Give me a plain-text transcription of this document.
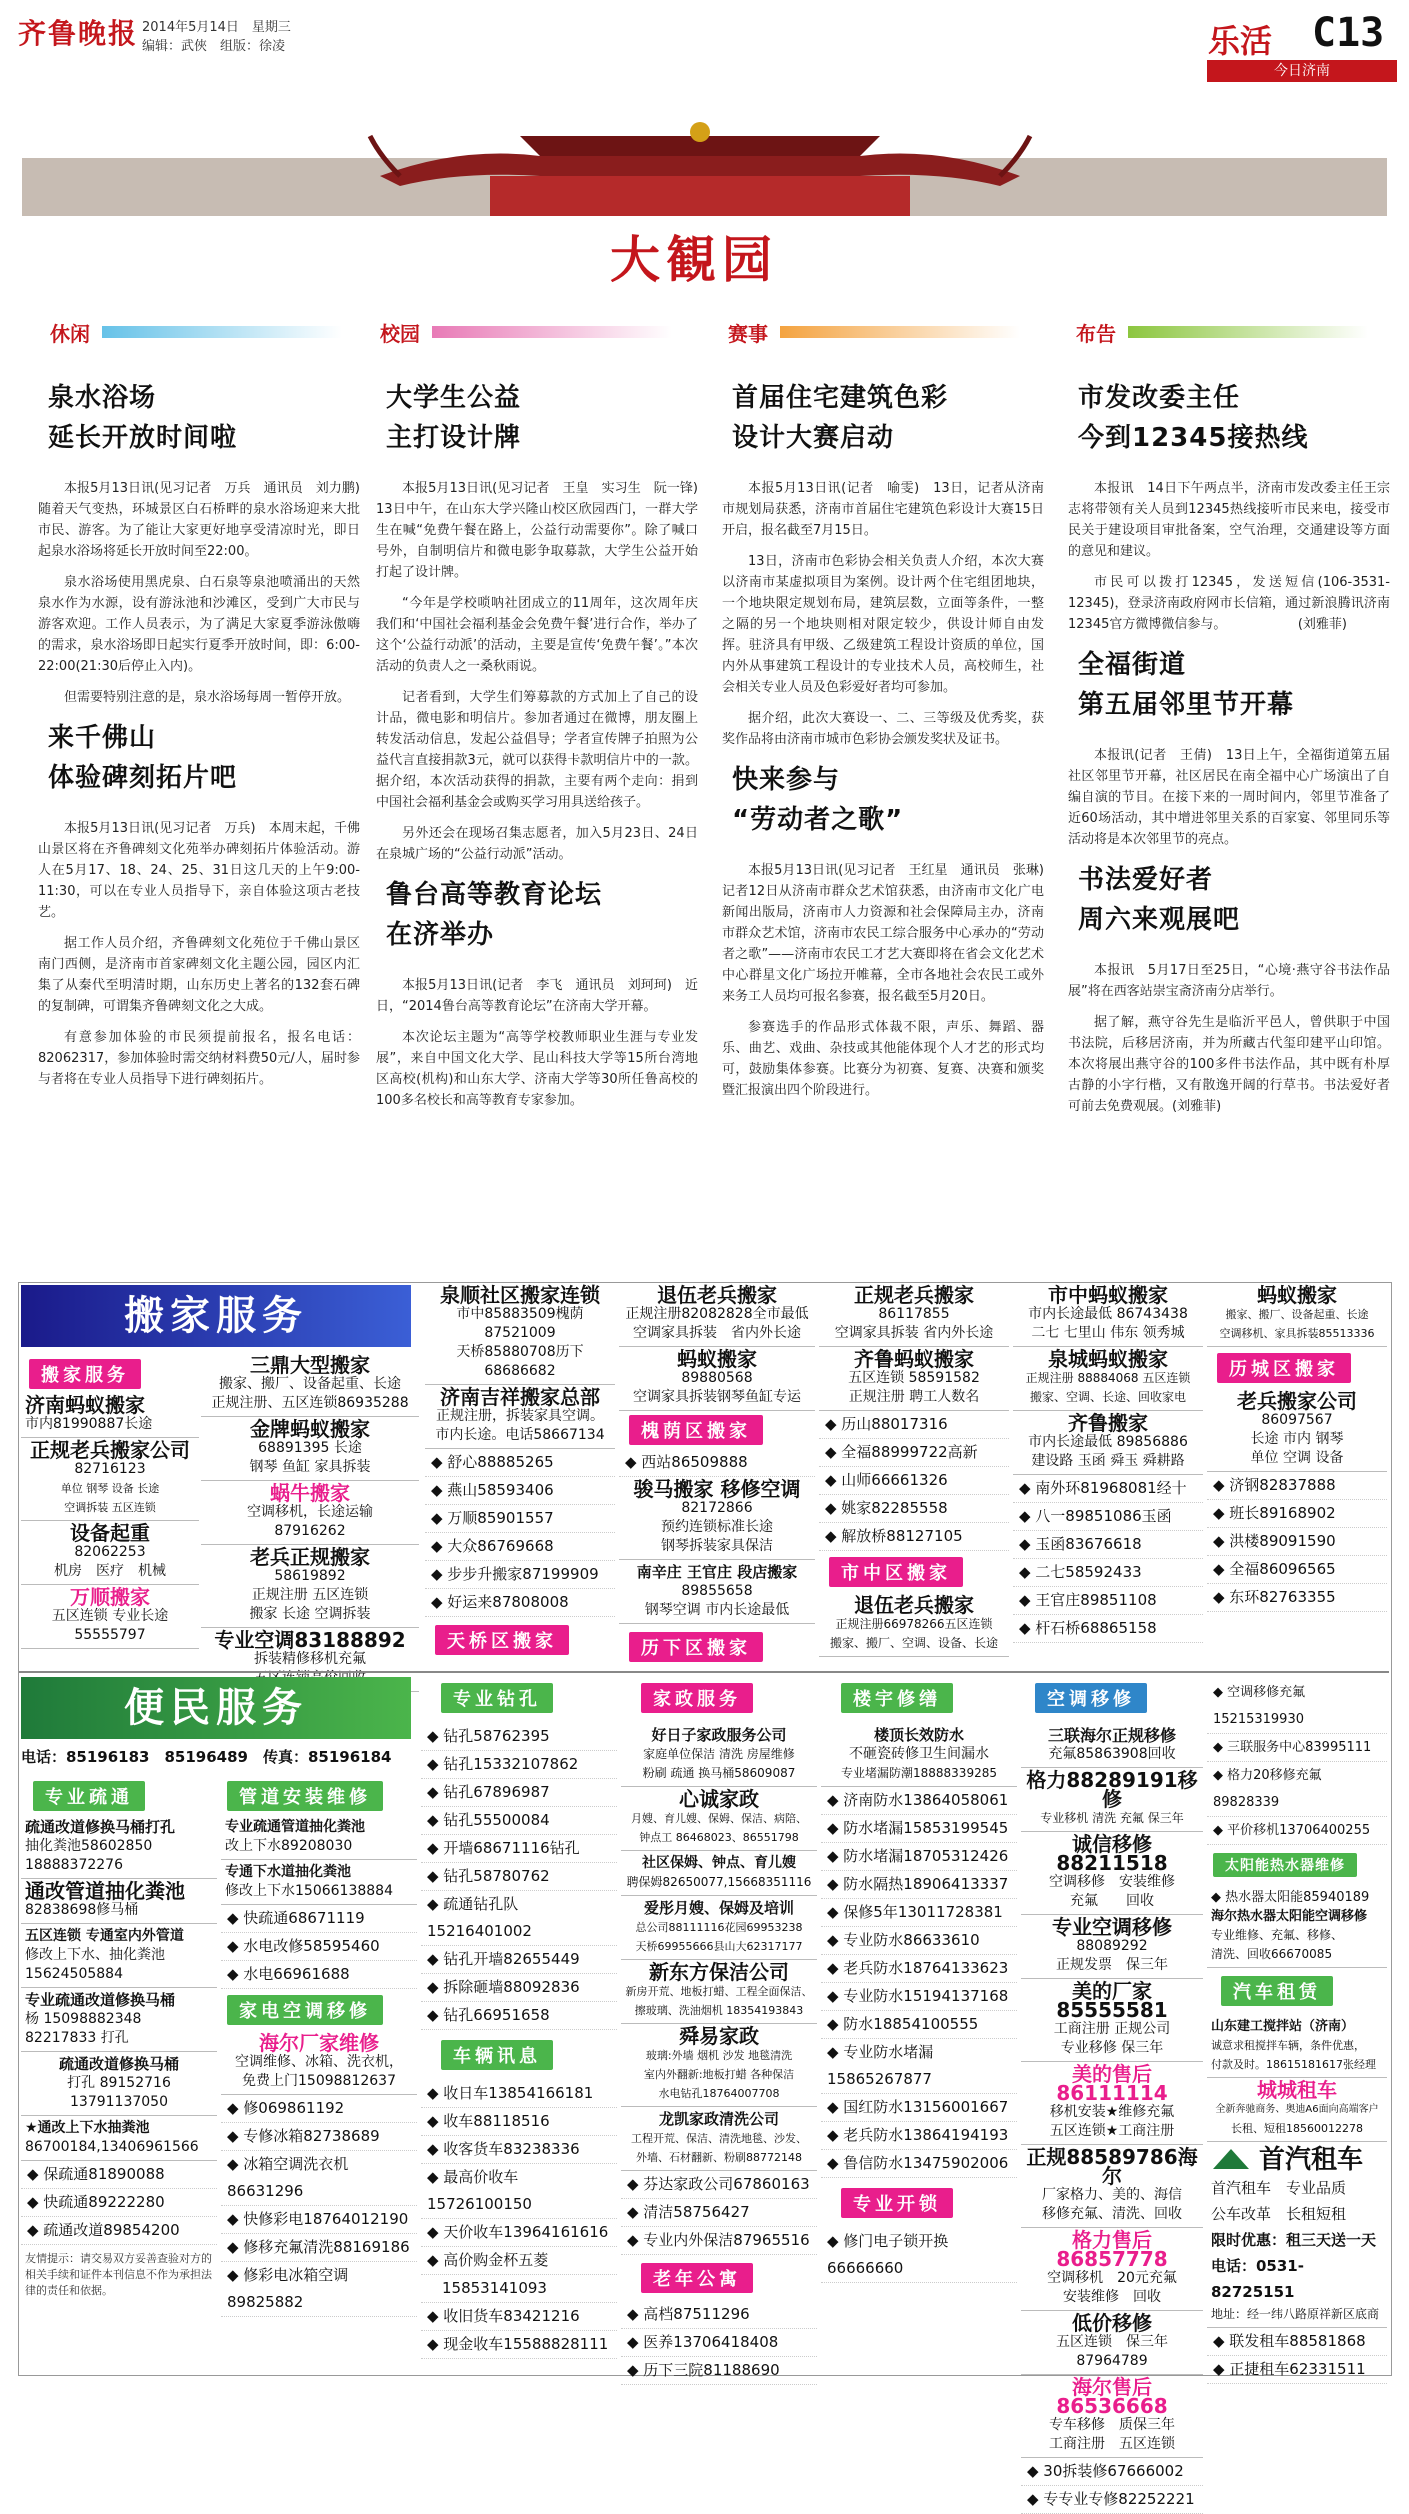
齐鲁晚报 2014年5月14日　星期三
编辑：武俠　组版：徐凌	乐活 C13
今日济南
大観园
休闲	校园	赛事	布告
泉水浴场
延长开放时间啦

本报5月13日讯(见习记者　万兵　通讯员　刘力鹏)　随着天气变热，环城景区白石桥畔的泉水浴场迎来大批市民、游客。为了能让大家更好地享受清凉时光，即日起泉水浴场将延长开放时间至22:00。

泉水浴场使用黑虎泉、白石泉等泉池喷涌出的天然泉水作为水源，设有游泳池和沙滩区，受到广大市民与游客欢迎。工作人员表示，为了满足大家夏季游泳傲嗨的需求，泉水浴场即日起实行夏季开放时间，即：6:00-22:00(21:30后停止入内)。

但需要特别注意的是，泉水浴场每周一暂停开放。

来千佛山
体验碑刻拓片吧

本报5月13日讯(见习记者　万兵)　本周末起，千佛山景区将在齐鲁碑刻文化苑举办碑刻拓片体验活动。游人在5月17、18、24、25、31日这几天的上午9:00-11:30，可以在专业人员指导下，亲自体验这项古老技艺。

据工作人员介绍，齐鲁碑刻文化苑位于千佛山景区南门西侧，是济南市首家碑刻文化主题公园，园区内汇集了从秦代至明清时期，山东历史上著名的132套石碑的复制碑，可谓集齐鲁碑刻文化之大成。

有意参加体验的市民须提前报名，报名电话：82062317，参加体验时需交纳材料费50元/人，届时参与者将在专业人员指导下进行碑刻拓片。

大学生公益
主打设计牌

本报5月13日讯(见习记者　王皇　实习生　阮一锋)　13日中午，在山东大学兴隆山校区欣园西门，一群大学生在喊“免费午餐在路上，公益行动需要你”。除了喊口号外，自制明信片和微电影争取募款，大学生公益开始打起了设计牌。

“今年是学校唢呐社团成立的11周年，这次周年庆我们和‘中国社会福利基金会免费午餐’进行合作，举办了这个‘公益行动派’的活动，主要是宣传‘免费午餐’。”本次活动的负责人之一桑秋雨说。

记者看到，大学生们筹募款的方式加上了自己的设计品，微电影和明信片。参加者通过在微博，朋友圈上转发活动信息，发起公益倡导；学者宣传牌子拍照为公益代言直接捐款3元，就可以获得卡款明信片中的一款。据介绍，本次活动获得的捐款，主要有两个走向：捐到中国社会福利基金会或购买学习用具送给孩子。

另外还会在现场召集志愿者，加入5月23日、24日在泉城广场的“公益行动派”活动。

鲁台高等教育论坛
在济举办

本报5月13日讯(记者　李飞　通讯员　刘珂珂)　近日，“2014鲁台高等教育论坛”在济南大学开幕。

本次论坛主题为“高等学校教师职业生涯与专业发展”，来自中国文化大学、昆山科技大学等15所台湾地区高校(机构)和山东大学、济南大学等30所任鲁高校的100多名校长和高等教育专家参加。

首届住宅建筑色彩
设计大赛启动

本报5月13日讯(记者　喻雯)　13日，记者从济南市规划局获悉，济南市首届住宅建筑色彩设计大赛15日开启，报名截至7月15日。

13日，济南市色彩协会相关负责人介绍，本次大赛以济南市某虚拟项目为案例。设计两个住宅组团地块，一个地块限定规划布局，建筑层数，立面等条件，一整之隔的另一个地块则相对限定较少，供设计师自由发挥。驻济具有甲级、乙级建筑工程设计资质的单位，国内外从事建筑工程设计的专业技术人员，高校师生，社会相关专业人员及色彩爱好者均可参加。

据介绍，此次大赛设一、二、三等级及优秀奖，获奖作品将由济南市城市色彩协会颁发奖状及证书。

快来参与
“劳动者之歌”

本报5月13日讯(见习记者　王红星　通讯员　张琳)　记者12日从济南市群众艺术馆获悉，由济南市文化广电新闻出版局，济南市人力资源和社会保障局主办，济南市群众艺术馆，济南市农民工综合服务中心承办的“劳动者之歌”——济南市农民工才艺大赛即将在省会文化艺术中心群星文化广场拉开帷幕，全市各地社会农民工或外来务工人员均可报名参赛，报名截至5月20日。

参赛选手的作品形式体裁不限，声乐、舞蹈、器乐、曲艺、戏曲、杂技或其他能体现个人才艺的形式均可，鼓励集体参赛。比赛分为初赛、复赛、决赛和颁奖暨汇报演出四个阶段进行。

市发改委主任
今到12345接热线

本报讯　14日下午两点半，济南市发改委主任王宗志将带领有关人员到12345热线接听市民来电，接受市民关于建设项目审批备案，空气治理，交通建设等方面的意见和建议。

市民可以拨打12345，发送短信(106-3531-12345)，登录济南政府网市长信箱，通过新浪腾讯济南12345官方微博微信参与。　　　　　　(刘雅菲)

全福街道
第五届邻里节开幕

本报讯(记者　王倩)　13日上午，全福街道第五届社区邻里节开幕，社区居民在南全福中心广场演出了自编自演的节目。在接下来的一周时间内，邻里节准备了近60场活动，其中增进邻里关系的百家宴、邻里同乐等活动将是本次邻里节的亮点。

书法爱好者
周六来观展吧

本报讯　5月17日至25日，“心境·燕守谷书法作品展”将在西客站崇宝斋济南分店举行。

据了解，燕守谷先生是临沂平邑人，曾供职于中国书法院，后移居济南，并为所藏古代玺印建平山印馆。本次将展出燕守谷的100多件书法作品，其中既有朴厚古静的小字行楷，又有散逸开阔的行草书。书法爱好者可前去免费观展。(刘雅菲)

搬家服务
搬家服务	三鼎大型搬家
搬家、搬厂、设备起重、长途
正规注册、五区连锁86935288
金牌蚂蚁搬家
68891395 长途
钢琴 鱼缸 家具拆装
蜗牛搬家
空调移机，长途运输
87916262
老兵正规搬家
58619892
正规注册 五区连锁
搬家 长途 空调拆装
专业空调83188892
拆装精修移机充氟
济南蚂蚁搬家
市内81990887长途
正规老兵搬家公司
82716123
单位 钢琴 设备 长途
空调拆装 五区连锁
设备起重
82062253
机房　医疗　机械
万顺搬家
五区连锁 专业长途
55555797
泉顺社区搬家连锁
市中85883509槐荫87521009
天桥85880708历下68686682
济南吉祥搬家总部
正规注册，拆装家具空调。
市内长途。电话58667134
◆ 舒心88885265
◆ 燕山58593406
◆ 万顺85901557
◆ 大众86769668
◆ 步步升搬家87199909
◆ 好运来87808008
天桥区搬家
退伍老兵搬家
正规注册82082828全市最低
空调家具拆装　省内外长途
蚂蚁搬家
89880568
空调家具拆装钢琴鱼缸专运
槐荫区搬家
◆ 西站86509888
骏马搬家 移修空调
82172866
预约连锁标准长途
钢琴拆装家具保洁
南辛庄 王官庄 段店搬家
89855658
钢琴空调 市内长途最低
历下区搬家
正规老兵搬家
86117855
空调家具拆装 省内外长途
齐鲁蚂蚁搬家
五区连锁 58591582
正规注册 聘工人数名
◆ 历山88017316
◆ 全福88999722高新
◆ 山师66661326
◆ 姚家82285558
◆ 解放桥88127105
市中区搬家
退伍老兵搬家
正规注册66978266五区连锁
搬家、搬厂、空调、设备、长途
市中蚂蚁搬家
市内长途最低 86743438
二七 七里山 伟东 领秀城
泉城蚂蚁搬家
正规注册 88884068 五区连锁
搬家、空调、长途、回收家电
齐鲁搬家
市内长途最低 89856886
建设路 玉函 舜玉 舜耕路
◆ 南外环81968081经十
◆ 八一89851086玉函
◆ 玉函83676618
◆ 二七58592433
◆ 王官庄89851108
◆ 杆石桥68865158
蚂蚁搬家
搬家、搬厂、设备起重、长途
空调移机、家具拆装85513336
历城区搬家
老兵搬家公司
86097567
长途 市内 钢琴
单位 空调 设备
◆ 济钢82837888
◆ 班长89168902
◆ 洪楼89091590
◆ 全福86096565
◆ 东环82763355
便民服务
电话：85196183　85196489　传真：85196184
专业疏通
疏通改道修换马桶打孔
抽化粪池58602850
18888372276
通改管道抽化粪池
82838698修马桶
五区连锁 专通室内外管道
修改上下水、抽化粪池
15624505884
专业疏通改道修换马桶
杨 15098882348
82217833 打孔
疏通改道修换马桶
打孔 89152716
13791137050
★通改上下水抽粪池
86700184,13406961566
◆ 保疏通81890088
◆ 快疏通89222280
◆ 疏通改道89854200
友情提示：请交易双方妥善查验对方的相关手续和证件本刊信息不作为承担法律的责任和依据。
管道安装维修
专业疏通管道抽化粪池
改上下水89208030
专通下水道抽化粪池
修改上下水15066138884
◆ 快疏通68671119
◆ 水电改修58595460
◆ 水电66961688
家电空调移修
海尔厂家维修
空调维修、冰箱、洗衣机，
免费上门15098812637
◆ 修069861192
◆ 专修冰箱82738689
◆ 冰箱空调洗衣机86631296
◆ 快修彩电18764012190
◆ 修移充氟清洗88169186
◆ 修彩电冰箱空调89825882
专业钻孔
◆ 钻孔58762395
◆ 钻孔15332107862
◆ 钻孔67896987
◆ 钻孔55500084
◆ 开墙68671116钻孔
◆ 钻孔58780762
◆ 疏通钻孔队15216401002
◆ 钻孔开墙82655449
◆ 拆除砸墙88092836
◆ 钻孔66951658
车辆讯息
◆ 收日车13854166181
◆ 收车88118516
◆ 收客货车83238336
◆ 最高价收车15726100150
◆ 天价收车13964161616
◆ 高价购金杯五菱
　15853141093
◆ 收旧货车83421216
◆ 现金收车15588828111
家政服务
好日子家政服务公司
家庭单位保洁 清洗 房屋维修
粉刷 疏通 换马桶58609087
心诚家政
月嫂、育儿嫂、保姆、保洁、病陪、
钟点工 86468023、86551798
社区保姆、钟点、育儿嫂
聘保姆82650077,15668351116
爱彤月嫂、保姆及培训
总公司88111116花园69953238
天桥69955666县山大62317177
新东方保洁公司
新房开荒、地板打蜡、工程全面保洁、
擦玻璃、洗油烟机 18354193843
舜易家政
玻璃:外墙 烟机 沙发 地毯清洗
室内外翻新:地板打蜡 各种保洁
水电钻孔18764007708
龙凯家政清洗公司
工程开荒、保洁、清洗地毯、沙发、
外墙、石材翻新、粉刷88772148
◆ 芬达家政公司67860163
◆ 清洁58756427
◆ 专业内外保洁87965516
老年公寓
◆ 高档87511296
◆ 医养13706418408
◆ 历下三院81188690
楼宇修缮
楼顶长效防水
不砸瓷砖修卫生间漏水
专业堵漏防潮18888339285
◆ 济南防水13864058061
◆ 防水堵漏15853199545
◆ 防水堵漏18705312426
◆ 防水隔热18906413337
◆ 保修5年13011728381
◆ 专业防水86633610
◆ 老兵防水18764133623
◆ 专业防水15194137168
◆ 防水18854100555
◆ 专业防水堵漏15865267877
◆ 国红防水13156001667
◆ 老兵防水13864194193
◆ 鲁信防水13475902006
专业开锁
◆ 修门电子锁开换66666660
空调移修
三联海尔正规移修
充氟85863908回收
格力88289191移修
专业移机 清洗 充氟 保三年
诚信移修88211518
空调移修　安装维修
充氟　　回收
专业空调移修
88089292
正规发票　保三年
美的厂家85555581
工商注册 正规公司
专业移修 保三年
美的售后86111114
移机安装★维修充氟
五区连锁★工商注册
正规88589786海尔
厂家格力、美的、海信
移修充氟、清洗、回收
格力售后86857778
空调移机　20元充氟
安装维修　回收
低价移修
五区连锁　保三年
87964789
海尔售后86536668
专车移修　质保三年
工商注册　五区连锁
◆ 30拆装修67666002
◆ 专专业专修82252221
◆ 空调移修充氟15215319930
◆ 三联服务中心83995111
◆ 格力20移修充氟89828339
◆ 平价移机13706400255
太阳能热水器维修
◆ 热水器太阳能85940189
海尔热水器太阳能空调移修
专业维修、充氟、移修、
清洗、回收66670085
汽车租赁
山东建工搅拌站（济南）
诚意求租搅拌车辆，条件优惠，
付款及时。18615181617张经理
城城租车
全新奔驰商务、奥迪A6面向高端客户
长租、短租18560012278
首汽租车
首汽租车　专业品质
公车改革　长租短租
限时优惠：租三天送一天
电话：0531-82725151
地址：经一纬八路原祥新区底商
◆ 联发租车88581868
◆ 正捷租车62331511
